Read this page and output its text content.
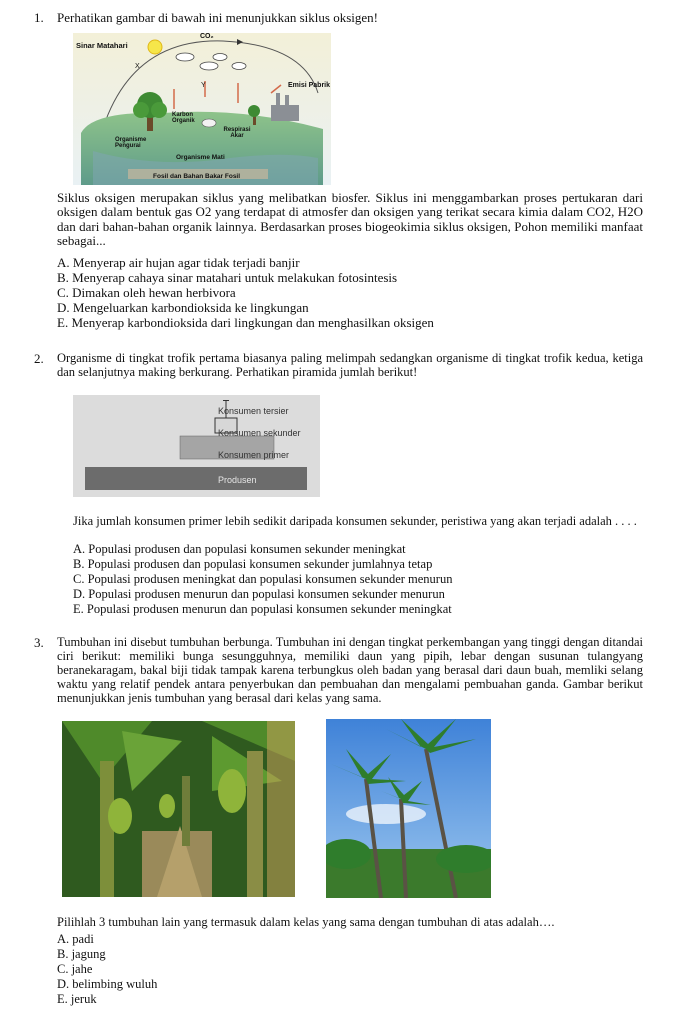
1. Perhatikan gambar di bawah ini menunjukkan siklus oksigen!
Sinar Matahari
CO₂
X
Y	Emisi Pabrik
Karbon Organik
Organisme Pengurai
Respirasi Akar
Organisme Mati
Fosil dan Bahan Bakar Fosil
Siklus oksigen merupakan siklus yang melibatkan biosfer. Siklus ini menggambarkan proses pertukaran dari oksigen dalam bentuk gas O2 yang terdapat di atmosfer dan oksigen yang terikat secara kimia dalam CO2, H2O dan dari bahan-bahan organik lainnya. Berdasarkan proses biogeokimia siklus oksigen, Pohon memiliki manfaat sebagai...
A. Menyerap air hujan agar tidak terjadi banjir
B. Menyerap cahaya sinar matahari untuk melakukan fotosintesis
C. Dimakan oleh hewan herbivora
D. Mengeluarkan karbondioksida ke lingkungan
E. Menyerap karbondioksida dari lingkungan dan menghasilkan oksigen
2. Organisme di tingkat trofik pertama biasanya paling melimpah sedangkan organisme di tingkat trofik kedua, ketiga dan selanjutnya making berkurang. Perhatikan piramida jumlah berikut!
Konsumen tersier
Konsumen sekunder
Konsumen primer
Produsen
Jika jumlah konsumen primer lebih sedikit daripada konsumen sekunder, peristiwa yang akan terjadi adalah . . . .
A. Populasi produsen dan populasi konsumen sekunder meningkat
B. Populasi produsen dan populasi konsumen sekunder jumlahnya tetap
C. Populasi produsen meningkat dan populasi konsumen sekunder menurun
D. Populasi produsen menurun dan populasi konsumen sekunder menurun
E. Populasi produsen menurun dan populasi konsumen sekunder meningkat
3. Tumbuhan ini disebut tumbuhan berbunga. Tumbuhan ini dengan tingkat perkembangan yang tinggi dengan ditandai ciri berikut: memiliki bunga sesungguhnya, memiliki daun yang pipih, lebar dengan susunan tulangyang beranekaragam, bakal biji tidak tampak karena terbungkus oleh badan yang berasal dari daun buah, memliki selang waktu yang relatif pendek antara penyerbukan dan pembuahan dan mengalami pembuahan ganda. Gambar berikut menunjukkan jenis tumbuhan yang berasal dari kelas yang sama.
Pilihlah 3 tumbuhan lain yang termasuk dalam kelas yang sama dengan tumbuhan di atas adalah….
A. padi
B. jagung
C. jahe
D. belimbing wuluh
E. jeruk
